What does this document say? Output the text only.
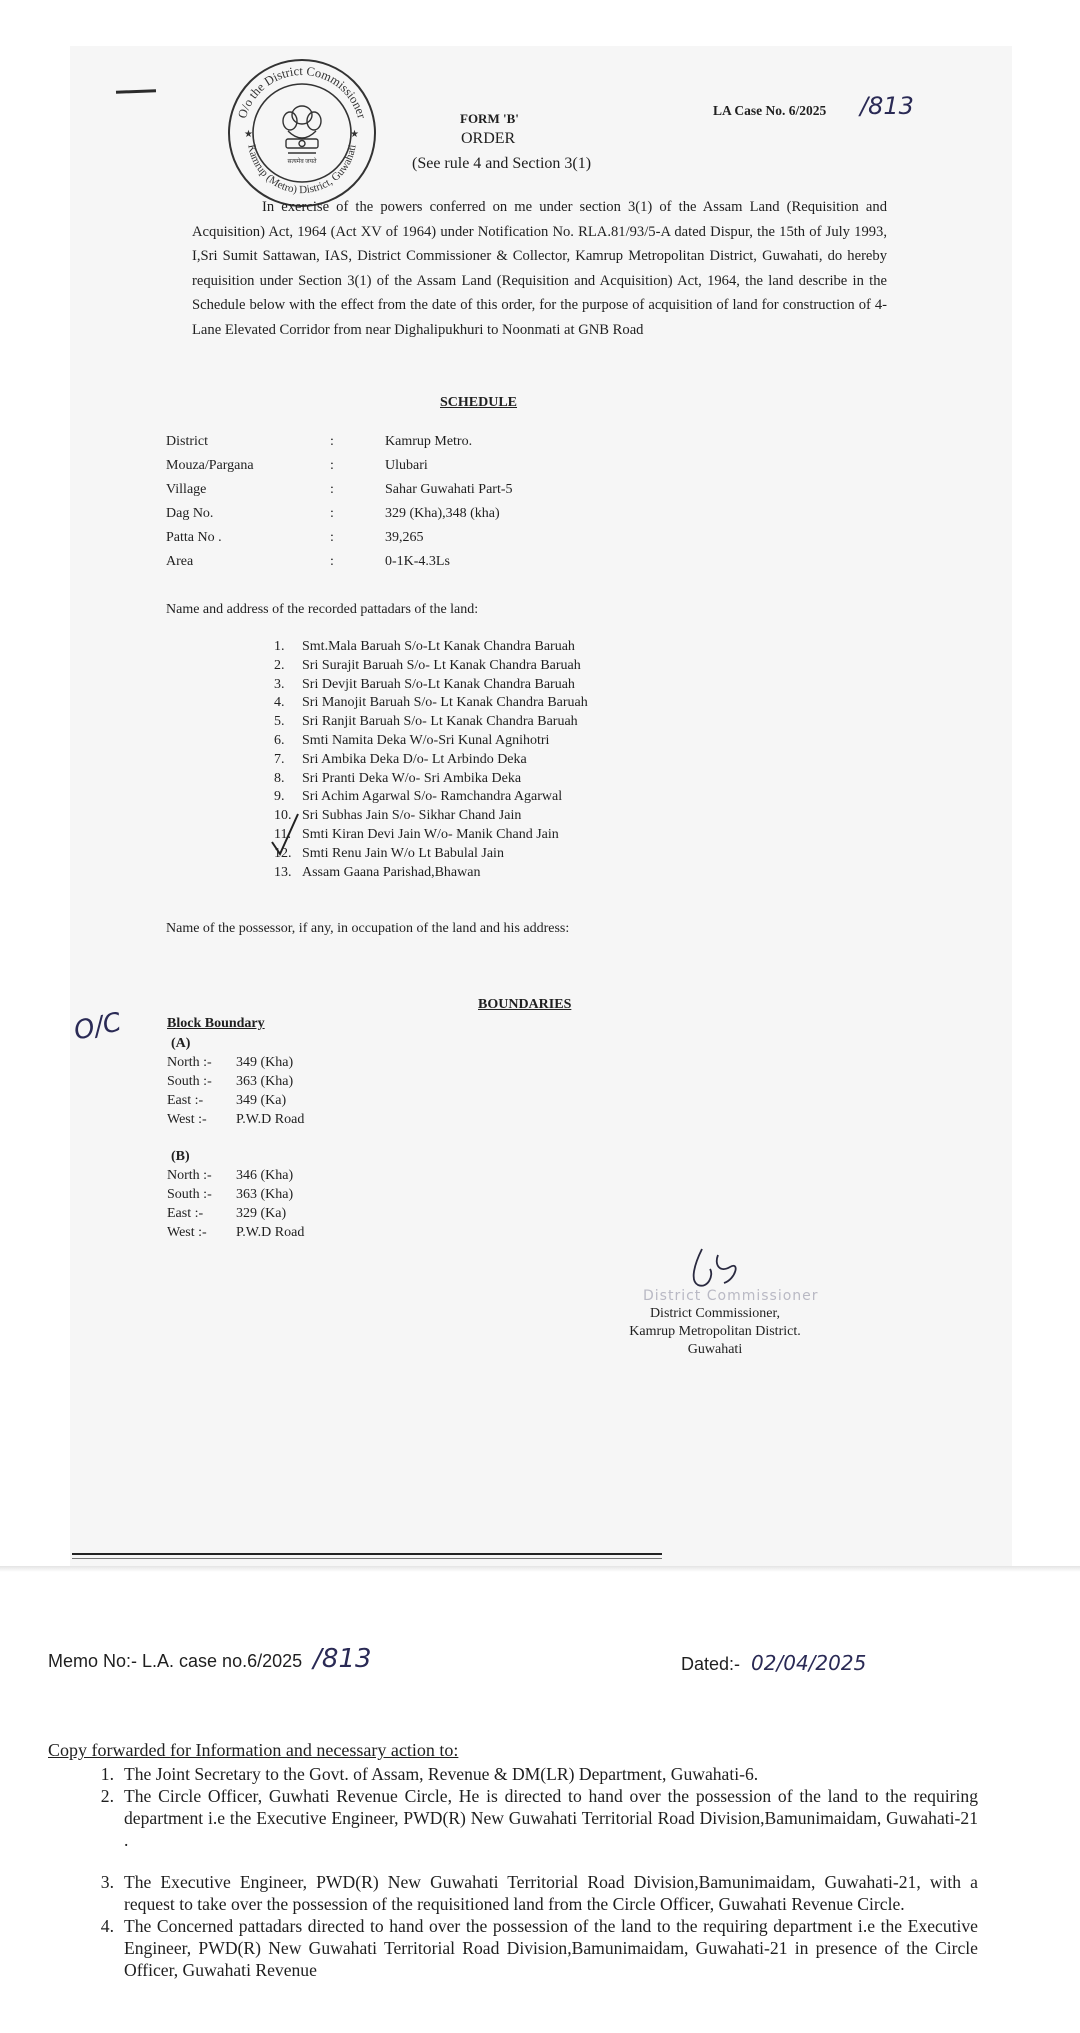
O/o the District Commissioner
Kamrup (Metro) District, Guwahati
★	★
सत्यमेव जयते
FORM 'B'
ORDER
(See rule 4 and Section 3(1)
LA Case No. 6/2025 /813
In exercise of the powers conferred on me under section 3(1) of the Assam Land (Requisition and Acquisition) Act, 1964 (Act XV of 1964) under Notification No. RLA.81/93/5-A dated Dispur, the 15th of July 1993, I,Sri Sumit Sattawan, IAS, District Commissioner & Collector, Kamrup Metropolitan District, Guwahati, do hereby requisition under Section 3(1) of the Assam Land (Requisition and Acquisition) Act, 1964, the land describe in the Schedule below with the effect from the date of this order, for the purpose of acquisition of land for construction of 4- Lane Elevated Corridor from near Dighalipukhuri to Noonmati at GNB Road
SCHEDULE
District	:	Kamrup Metro.
Mouza/Pargana	:	Ulubari
Village	:	Sahar Guwahati Part-5
Dag No.	:	329 (Kha),348 (kha)
Patta No .	:	39,265
Area	:	0-1K-4.3Ls
Name and address of the recorded pattadars of the land:
1.	Smt.Mala Baruah S/o-Lt Kanak Chandra Baruah
2.	Sri Surajit Baruah S/o- Lt Kanak Chandra Baruah
3.	Sri Devjit Baruah S/o-Lt Kanak Chandra Baruah
4.	Sri Manojit Baruah S/o- Lt Kanak Chandra Baruah
5.	Sri Ranjit Baruah S/o- Lt Kanak Chandra Baruah
6.	Smti Namita Deka W/o-Sri Kunal Agnihotri
7.	Sri Ambika Deka D/o- Lt Arbindo Deka
8.	Sri Pranti Deka W/o- Sri Ambika Deka
9.	Sri Achim Agarwal S/o- Ramchandra Agarwal
10. Sri Subhas Jain S/o- Sikhar Chand Jain
11. Smti Kiran Devi Jain W/o- Manik Chand Jain
12. Smti Renu Jain W/o Lt Babulal Jain
13. Assam Gaana Parishad,Bhawan
Name of the possessor, if any, in occupation of the land and his address:
O/C
BOUNDARIES
Block Boundary
(A)
North :-	349 (Kha)
South :-	363 (Kha)
East :-	349 (Ka)
West :-	P.W.D Road
(B)
North :-	346 (Kha)
South :-	363 (Kha)
East :-	329 (Ka)
West :-	P.W.D Road
District Commissioner
District Commissioner,
Kamrup Metropolitan District.
Guwahati
Memo No:- L.A. case no.6/2025 /813	Dated:- 02/04/2025
Copy forwarded for Information and necessary action to:
1. The Joint Secretary to the Govt. of Assam, Revenue & DM(LR) Department, Guwahati-6.
2. The Circle Officer, Guwhati Revenue Circle, He is directed to hand over the possession of the land to the requiring department i.e the Executive Engineer, PWD(R) New Guwahati Territorial Road Division,Bamunimaidam, Guwahati-21 .
3. The Executive Engineer, PWD(R) New Guwahati Territorial Road Division,Bamunimaidam, Guwahati-21, with a request to take over the possession of the requisitioned land from the Circle Officer, Guwahati Revenue Circle.
4. The Concerned pattadars directed to hand over the possession of the land to the requiring department i.e the Executive Engineer, PWD(R) New Guwahati Territorial Road Division,Bamunimaidam, Guwahati-21 in presence of the Circle Officer, Guwahati Revenue
